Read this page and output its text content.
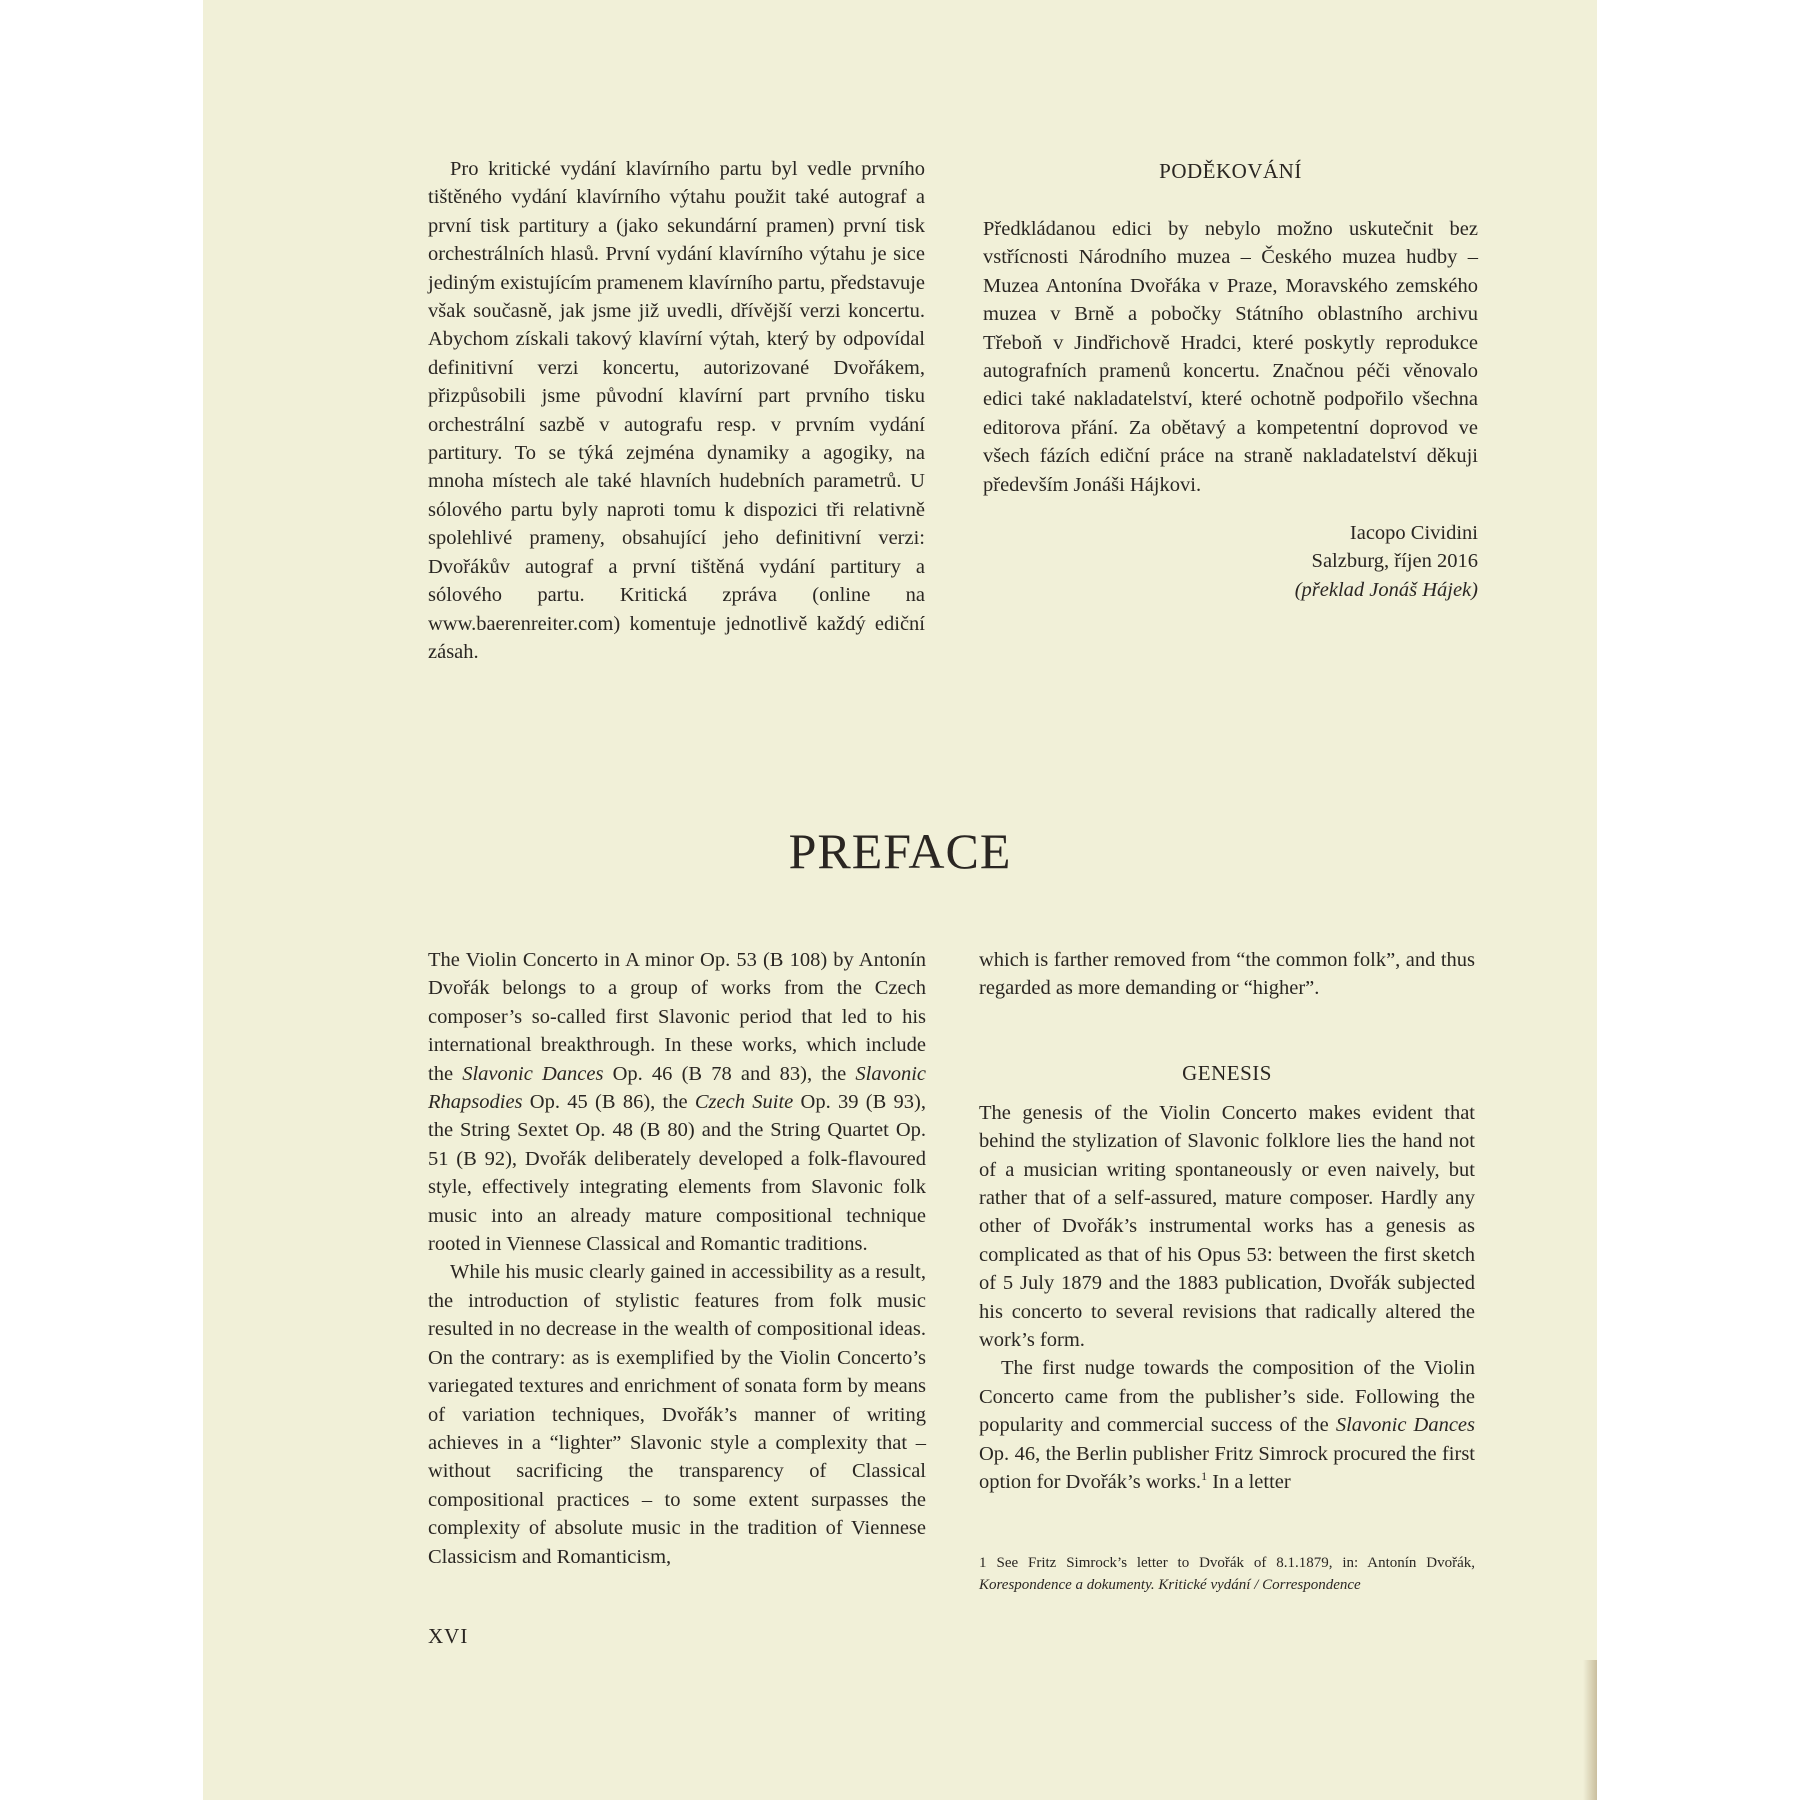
Pro kritické vydání klavírního partu byl vedle prvního tištěného vydání klavírního výtahu použit také autograf a první tisk partitury a (jako sekundární pramen) první tisk orchestrálních hlasů. První vydání klavírního výtahu je sice jediným existujícím pramenem klavírního partu, představuje však současně, jak jsme již uvedli, dřívější verzi koncertu. Abychom získali takový klavírní výtah, který by odpovídal definitivní verzi koncertu, autorizované Dvořákem, přizpůsobili jsme původní klavírní part prvního tisku orchestrální sazbě v autografu resp. v prvním vydání partitury. To se týká zejména dynamiky a agogiky, na mnoha místech ale také hlavních hudebních parametrů. U sólového partu byly naproti tomu k dispozici tři relativně spolehlivé prameny, obsahující jeho definitivní verzi: Dvořákův autograf a první tištěná vydání partitury a sólového partu. Kritická zpráva (online na www.baerenreiter.​com) komentuje jednotlivě každý ediční zásah.

PODĚKOVÁNÍ

Předkládanou edici by nebylo možno uskutečnit bez vstřícnosti Národního muzea – Českého muzea hudby – Muzea Antonína Dvořáka v Praze, Moravského zemského muzea v Brně a pobočky Státního oblastního archivu Třeboň v Jindřichově Hradci, které poskytly reprodukce autografních pramenů koncertu. Značnou péči věnovalo edici také nakladatelství, které ochotně podpořilo všechna editorova přání. Za obětavý a kompetentní doprovod ve všech fázích ediční práce na straně nakladatelství děkuji především Jonáši Hájkovi.

Iacopo Cividini
Salzburg, říjen 2016
(překlad Jonáš Hájek)
PREFACE

The Violin Concerto in A minor Op. 53 (B 108) by Antonín Dvořák belongs to a group of works from the Czech composer’s so-called first Slavonic period that led to his international breakthrough. In these works, which include the Slavonic Dances Op. 46 (B 78 and 83), the Slavonic Rhapsodies Op. 45 (B 86), the Czech Suite Op. 39 (B 93), the String Sextet Op. 48 (B 80) and the String Quartet Op. 51 (B 92), Dvořák deliberately developed a folk-flavoured style, effectively integrating elements from Slavonic folk music into an already mature compositional technique rooted in Viennese Classical and Romantic traditions.

While his music clearly gained in accessibility as a result, the introduction of stylistic features from folk music resulted in no decrease in the wealth of compositional ideas. On the contrary: as is exemplified by the Violin Concerto’s variegated textures and enrichment of sonata form by means of variation techniques, Dvořák’s manner of writing achieves in a “lighter” Slavonic style a complexity that – without sacrificing the transparency of Classical compositional practices – to some extent surpasses the complexity of absolute music in the tradition of Viennese Classicism and Romanticism,

which is farther removed from “the common folk”, and thus regarded as more demanding or “higher”.

GENESIS

The genesis of the Violin Concerto makes evident that behind the stylization of Slavonic folklore lies the hand not of a musician writing spontaneously or even naively, but rather that of a self-assured, mature composer. Hardly any other of Dvořák’s instrumental works has a genesis as complicated as that of his Opus 53: between the first sketch of 5 July 1879 and the 1883 publication, Dvořák subjected his concerto to several revisions that radically altered the work’s form.

The first nudge towards the composition of the Violin Concerto came from the publisher’s side. Following the popularity and commercial success of the Slavonic Dances Op. 46, the Berlin publisher Fritz Simrock procured the first option for Dvořák’s works.$^1$ In a letter

1 See Fritz Simrock’s letter to Dvořák of 8.1.1879, in: Antonín Dvořák, Korespondence a dokumenty. Kritické vydání / Correspondence
XVI
